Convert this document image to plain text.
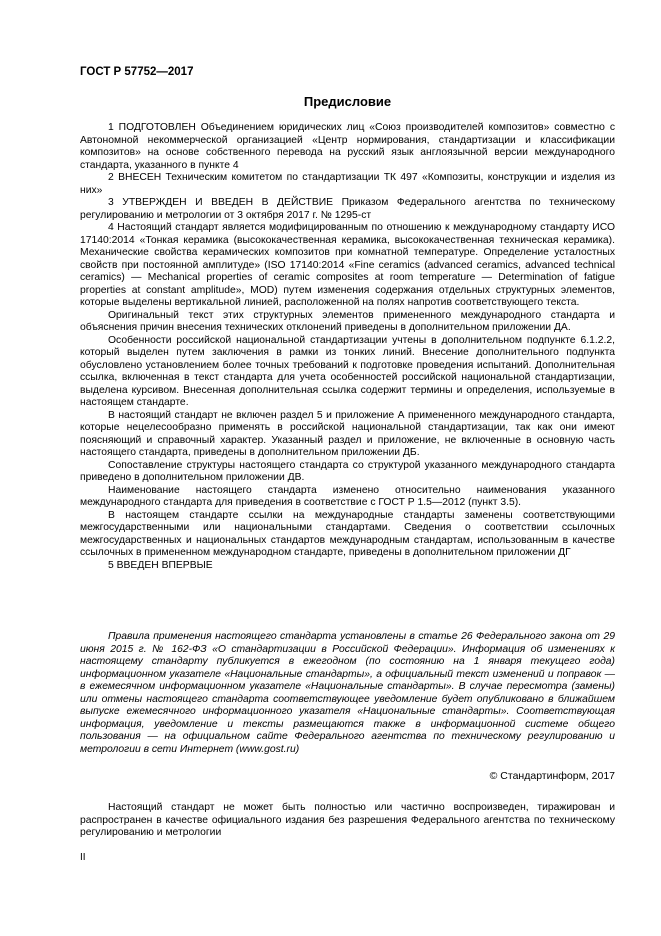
ГОСТ Р 57752—2017
Предисловие

1 ПОДГОТОВЛЕН Объединением юридических лиц «Союз производителей композитов» совместно с Автономной некоммерческой организацией «Центр нормирования, стандартизации и классификации композитов» на основе собственного перевода на русский язык англоязычной версии международного стандарта, указанного в пункте 4

2 ВНЕСЕН Техническим комитетом по стандартизации ТК 497 «Композиты, конструкции и изделия из них»

3 УТВЕРЖДЕН И ВВЕДЕН В ДЕЙСТВИЕ Приказом Федерального агентства по техническому регулированию и метрологии от 3 октября 2017 г. № 1295-ст

4 Настоящий стандарт является модифицированным по отношению к международному стандарту ИСО 17140:2014 «Тонкая керамика (высококачественная керамика, высококачественная техническая керамика). Механические свойства керамических композитов при комнатной температуре. Определение усталостных свойств при постоянной амплитуде» (ISO 17140:2014 «Fine ceramics (advanced ceramics, advanced technical ceramics) — Mechanical properties of ceramic composites at room temperature — Determination of fatigue properties at constant amplitude», MOD) путем изменения содержания отдельных структурных элементов, которые выделены вертикальной линией, расположенной на полях напротив соответствующего текста.

Оригинальный текст этих структурных элементов примененного международного стандарта и объяснения причин внесения технических отклонений приведены в дополнительном приложении ДА.

Особенности российской национальной стандартизации учтены в дополнительном подпункте 6.1.2.2, который выделен путем заключения в рамки из тонких линий. Внесение дополнительного подпункта обусловлено установлением более точных требований к подготовке проведения испытаний. Дополнительная ссылка, включенная в текст стандарта для учета особенностей российской национальной стандартизации, выделена курсивом. Внесенная дополнительная ссылка содержит термины и определения, используемые в настоящем стандарте.

В настоящий стандарт не включен раздел 5 и приложение А примененного международного стандарта, которые нецелесообразно применять в российской национальной стандартизации, так как они имеют поясняющий и справочный характер. Указанный раздел и приложение, не включенные в основную часть настоящего стандарта, приведены в дополнительном приложении ДБ.

Сопоставление структуры настоящего стандарта со структурой указанного международного стандарта приведено в дополнительном приложении ДВ.

Наименование настоящего стандарта изменено относительно наименования указанного международного стандарта для приведения в соответствие с ГОСТ Р 1.5—2012 (пункт 3.5).

В настоящем стандарте ссылки на международные стандарты заменены соответствующими межгосударственными или национальными стандартами. Сведения о соответствии ссылочных межгосударственных и национальных стандартов международным стандартам, использованным в качестве ссылочных в примененном международном стандарте, приведены в дополнительном приложении ДГ

5 ВВЕДЕН ВПЕРВЫЕ

Правила применения настоящего стандарта установлены в статье 26 Федерального закона от 29 июня 2015 г. № 162-ФЗ «О стандартизации в Российской Федерации». Информация об изменениях к настоящему стандарту публикуется в ежегодном (по состоянию на 1 января текущего года) информационном указателе «Национальные стандарты», а официальный текст изменений и поправок — в ежемесячном информационном указателе «Национальные стандарты». В случае пересмотра (замены) или отмены настоящего стандарта соответствующее уведомление будет опубликовано в ближайшем выпуске ежемесячного информационного указателя «Национальные стандарты». Соответствующая информация, уведомление и тексты размещаются также в информационной системе общего пользования — на официальном сайте Федерального агентства по техническому регулированию и метрологии в сети Интернет (www.gost.ru)

© Стандартинформ, 2017

Настоящий стандарт не может быть полностью или частично воспроизведен, тиражирован и распространен в качестве официального издания без разрешения Федерального агентства по техническому регулированию и метрологии

II
